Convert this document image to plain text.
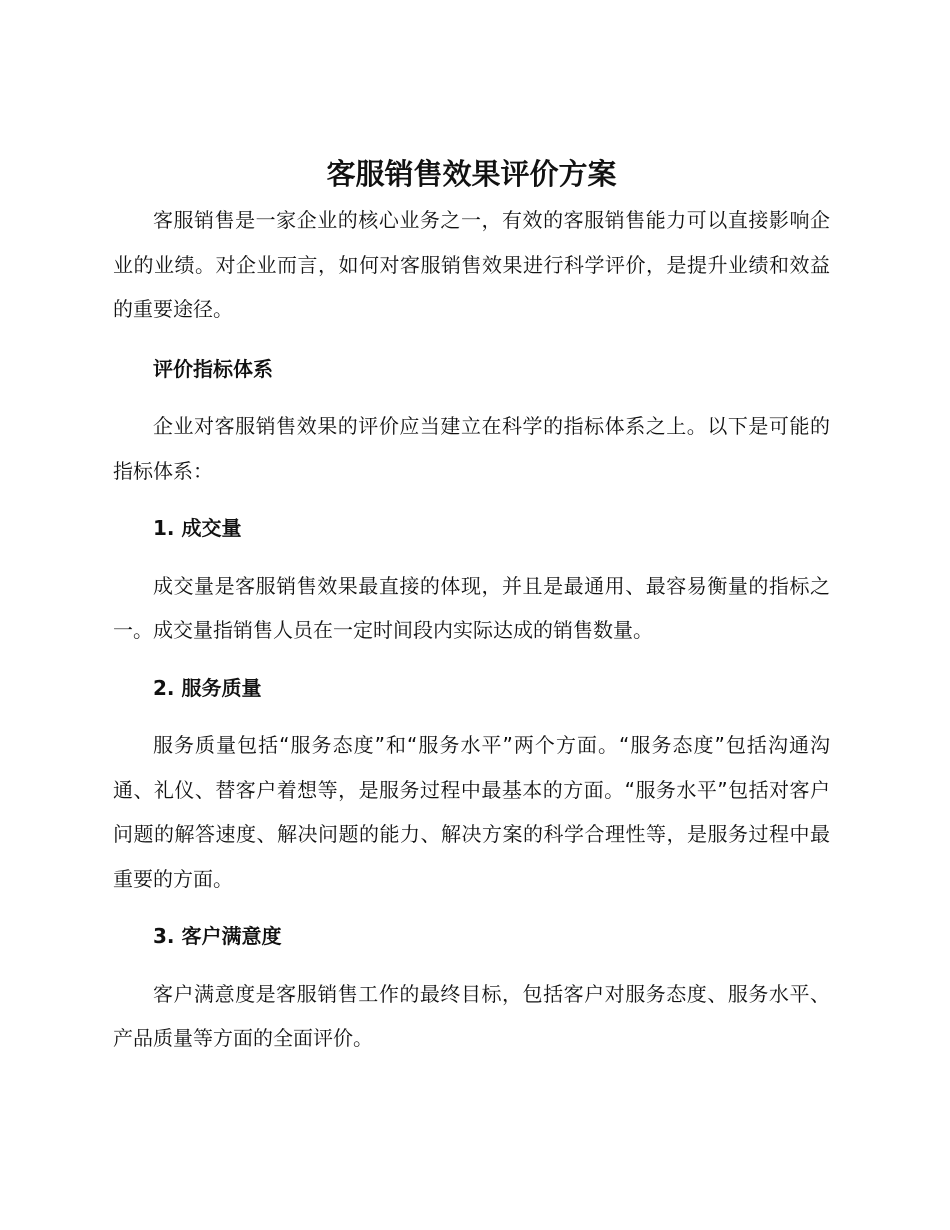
客服销售效果评价方案

客服销售是一家企业的核心业务之一，有效的客服销售能力可以直接影响企业的业绩。对企业而言，如何对客服销售效果进行科学评价，是提升业绩和效益的重要途径。

评价指标体系

企业对客服销售效果的评价应当建立在科学的指标体系之上。以下是可能的指标体系：

1. 成交量

成交量是客服销售效果最直接的体现，并且是最通用、最容易衡量的指标之一。成交量指销售人员在一定时间段内实际达成的销售数量。

2. 服务质量

服务质量包括“服务态度”和“服务水平”两个方面。“服务态度”包括沟通沟通、礼仪、替客户着想等，是服务过程中最基本的方面。“服务水平”包括对客户问题的解答速度、解决问题的能力、解决方案的科学合理性等，是服务过程中最重要的方面。

3. 客户满意度

客户满意度是客服销售工作的最终目标，包括客户对服务态度、服务水平、产品质量等方面的全面评价。
